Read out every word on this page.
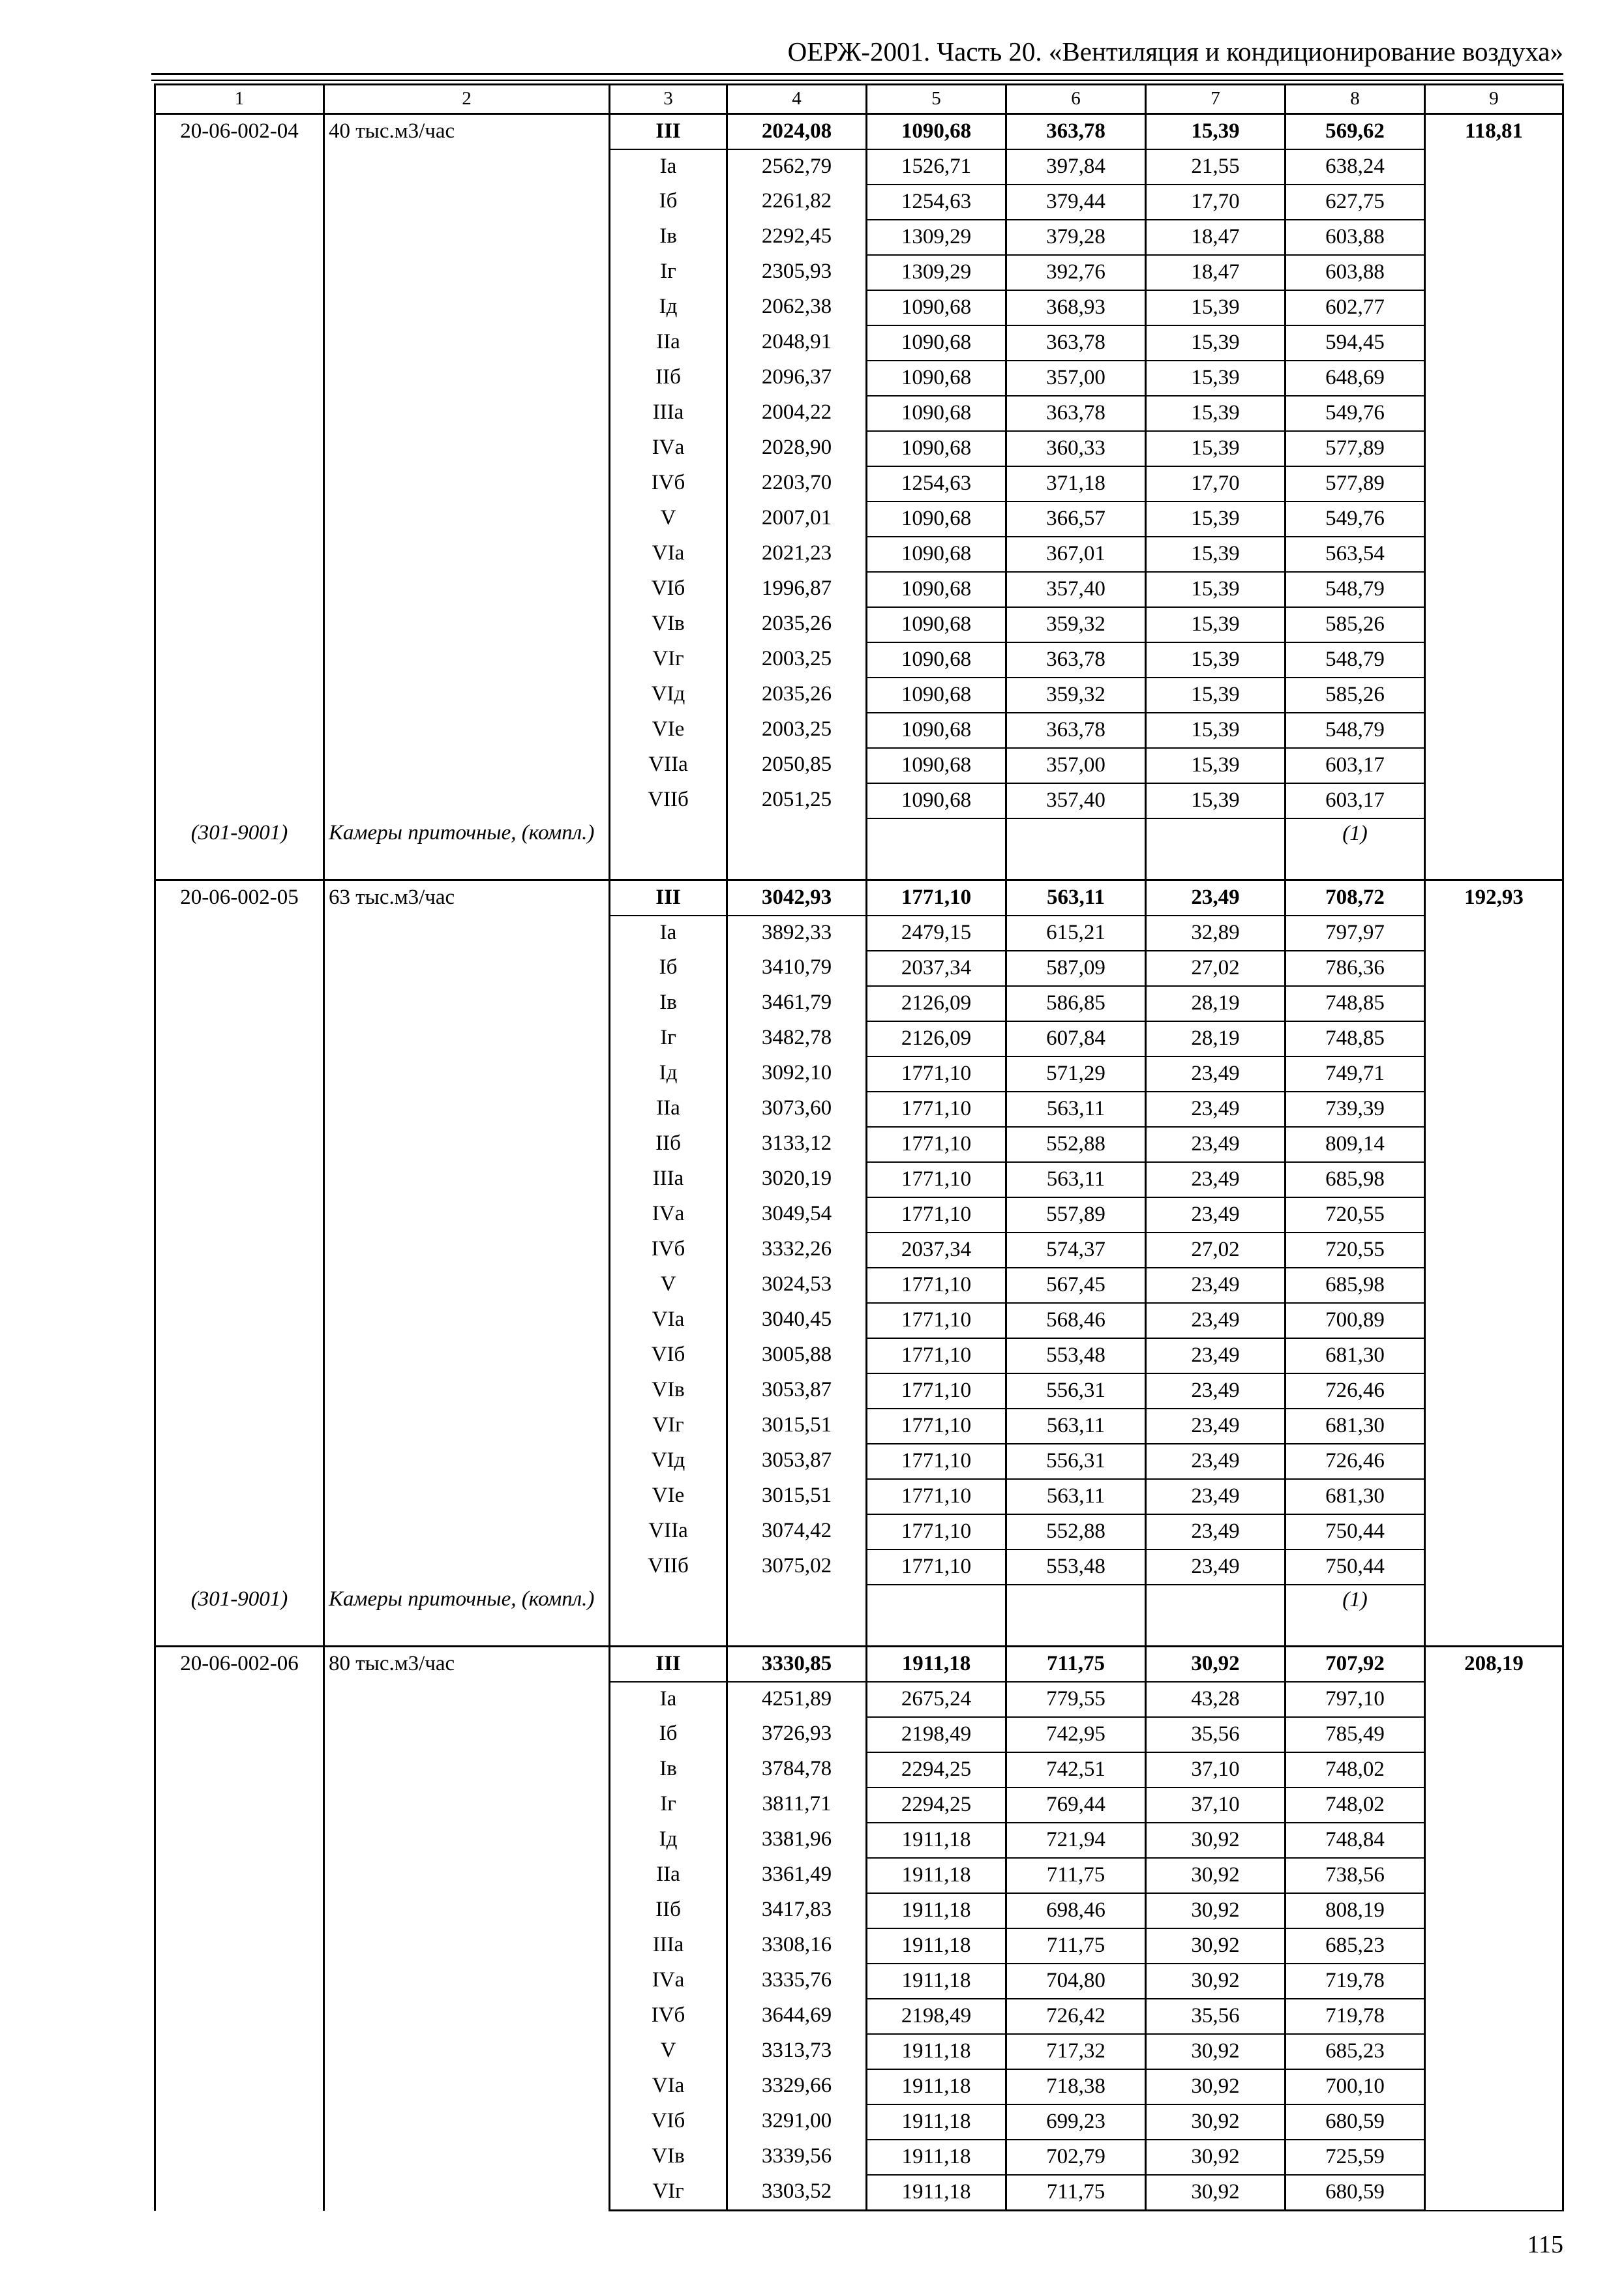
ОЕРЖ-2001. Часть 20. «Вентиляция и кондиционирование воздуха»
1	2	3	4	5	6	7	8	9
20-06-002-04	40 тыс.м3/час	III	2024,08	1090,68	363,78	15,39	569,62	118,81
		Iа	2562,79	1526,71	397,84	21,55	638,24	
		Iб	2261,82	1254,63	379,44	17,70	627,75	
		Iв	2292,45	1309,29	379,28	18,47	603,88	
		Iг	2305,93	1309,29	392,76	18,47	603,88	
		Iд	2062,38	1090,68	368,93	15,39	602,77	
		IIа	2048,91	1090,68	363,78	15,39	594,45	
		IIб	2096,37	1090,68	357,00	15,39	648,69	
		IIIа	2004,22	1090,68	363,78	15,39	549,76	
		IVа	2028,90	1090,68	360,33	15,39	577,89	
		IVб	2203,70	1254,63	371,18	17,70	577,89	
		V	2007,01	1090,68	366,57	15,39	549,76	
		VIа	2021,23	1090,68	367,01	15,39	563,54	
		VIб	1996,87	1090,68	357,40	15,39	548,79	
		VIв	2035,26	1090,68	359,32	15,39	585,26	
		VIг	2003,25	1090,68	363,78	15,39	548,79	
		VIд	2035,26	1090,68	359,32	15,39	585,26	
		VIе	2003,25	1090,68	363,78	15,39	548,79	
		VIIа	2050,85	1090,68	357,00	15,39	603,17	
		VIIб	2051,25	1090,68	357,40	15,39	603,17	
(301-9001)	Камеры приточные, (компл.)						(1)	
20-06-002-05	63 тыс.м3/час	III	3042,93	1771,10	563,11	23,49	708,72	192,93
		Iа	3892,33	2479,15	615,21	32,89	797,97	
		Iб	3410,79	2037,34	587,09	27,02	786,36	
		Iв	3461,79	2126,09	586,85	28,19	748,85	
		Iг	3482,78	2126,09	607,84	28,19	748,85	
		Iд	3092,10	1771,10	571,29	23,49	749,71	
		IIа	3073,60	1771,10	563,11	23,49	739,39	
		IIб	3133,12	1771,10	552,88	23,49	809,14	
		IIIа	3020,19	1771,10	563,11	23,49	685,98	
		IVа	3049,54	1771,10	557,89	23,49	720,55	
		IVб	3332,26	2037,34	574,37	27,02	720,55	
		V	3024,53	1771,10	567,45	23,49	685,98	
		VIа	3040,45	1771,10	568,46	23,49	700,89	
		VIб	3005,88	1771,10	553,48	23,49	681,30	
		VIв	3053,87	1771,10	556,31	23,49	726,46	
		VIг	3015,51	1771,10	563,11	23,49	681,30	
		VIд	3053,87	1771,10	556,31	23,49	726,46	
		VIе	3015,51	1771,10	563,11	23,49	681,30	
		VIIа	3074,42	1771,10	552,88	23,49	750,44	
		VIIб	3075,02	1771,10	553,48	23,49	750,44	
(301-9001)	Камеры приточные, (компл.)						(1)	
20-06-002-06	80 тыс.м3/час	III	3330,85	1911,18	711,75	30,92	707,92	208,19
		Iа	4251,89	2675,24	779,55	43,28	797,10	
		Iб	3726,93	2198,49	742,95	35,56	785,49	
		Iв	3784,78	2294,25	742,51	37,10	748,02	
		Iг	3811,71	2294,25	769,44	37,10	748,02	
		Iд	3381,96	1911,18	721,94	30,92	748,84	
		IIа	3361,49	1911,18	711,75	30,92	738,56	
		IIб	3417,83	1911,18	698,46	30,92	808,19	
		IIIа	3308,16	1911,18	711,75	30,92	685,23	
		IVа	3335,76	1911,18	704,80	30,92	719,78	
		IVб	3644,69	2198,49	726,42	35,56	719,78	
		V	3313,73	1911,18	717,32	30,92	685,23	
		VIа	3329,66	1911,18	718,38	30,92	700,10	
		VIб	3291,00	1911,18	699,23	30,92	680,59	
		VIв	3339,56	1911,18	702,79	30,92	725,59	
		VIг	3303,52	1911,18	711,75	30,92	680,59	
115
